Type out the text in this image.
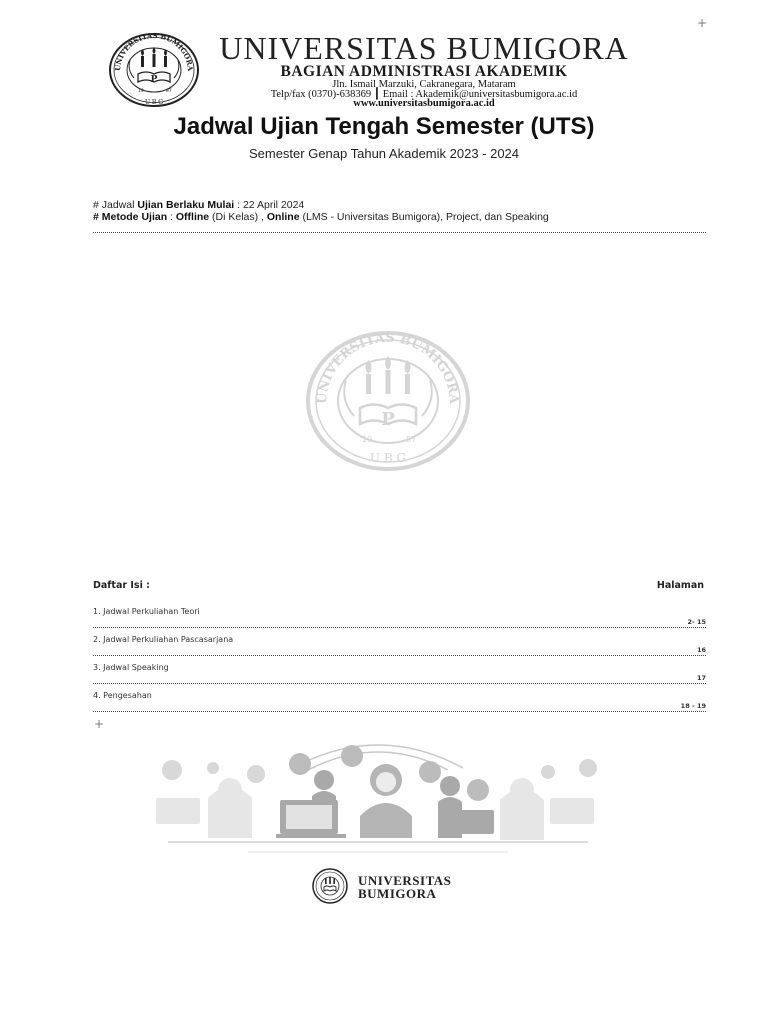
+
+
UNIVERSITAS BUMIGORA
U B G
P
19	87
UNIVERSITAS BUMIGORA
BAGIAN ADMINISTRASI AKADEMIK
Jln. Ismail Marzuki, Cakranegara, Mataram
Telp/fax (0370)-638369 ┃ Email : Akademik@universitasbumigora.ac.id
www.universitasbumigora.ac.id
Jadwal Ujian Tengah Semester (UTS)
Semester Genap Tahun Akademik 2023 - 2024
# Jadwal Ujian Berlaku Mulai : 22 April 2024
# Metode Ujian : Offline (Di Kelas) , Online (LMS - Universitas Bumigora), Project, dan Speaking
UNIVERSITAS BUMIGORA
U B G
P
19	87
Daftar Isi :	Halaman
1. Jadwal Perkuliahan Teori
2- 15
2. Jadwal Perkuliahan Pascasarjana
16
3. Jadwal Speaking
17
4. Pengesahan
18 - 19
UNIVERSITAS
BUMIGORA
